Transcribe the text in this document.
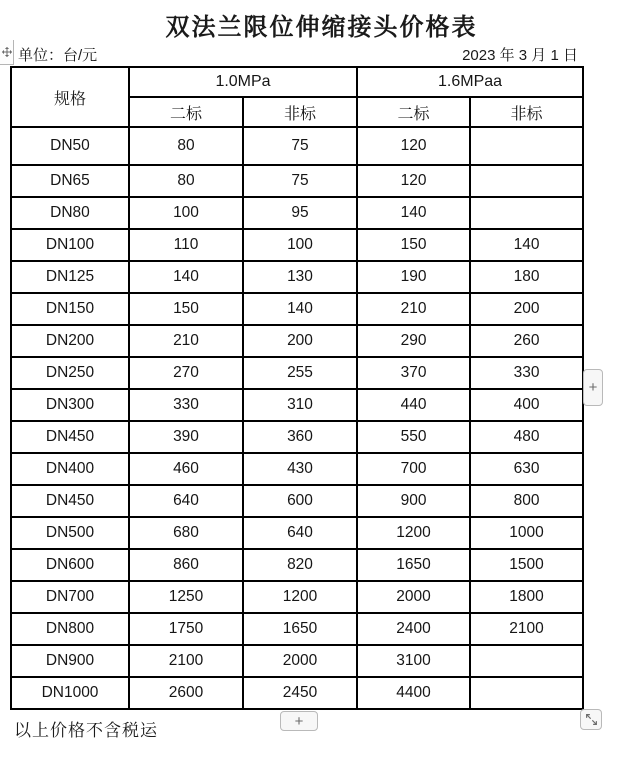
双法兰限位伸缩接头价格表
单位：台/元	2023 年 3 月 1 日
规格	1.0MPa		1.6MPaa	
	二标	非标	二标	非标
DN50	80	75	120	
DN65	80	75	120	
DN80	100	95	140	
DN100	110	100	150	140
DN125	140	130	190	180
DN150	150	140	210	200
DN200	210	200	290	260
DN250	270	255	370	330
DN300	330	310	440	400
DN450	390	360	550	480
DN400	460	430	700	630
DN450	640	600	900	800
DN500	680	640	1200	1000
DN600	860	820	1650	1500
DN700	1250	1200	2000	1800
DN800	1750	1650	2400	2100
DN900	2100	2000	3100	
DN1000	2600	2450	4400	
+
+
以上价格不含税运
